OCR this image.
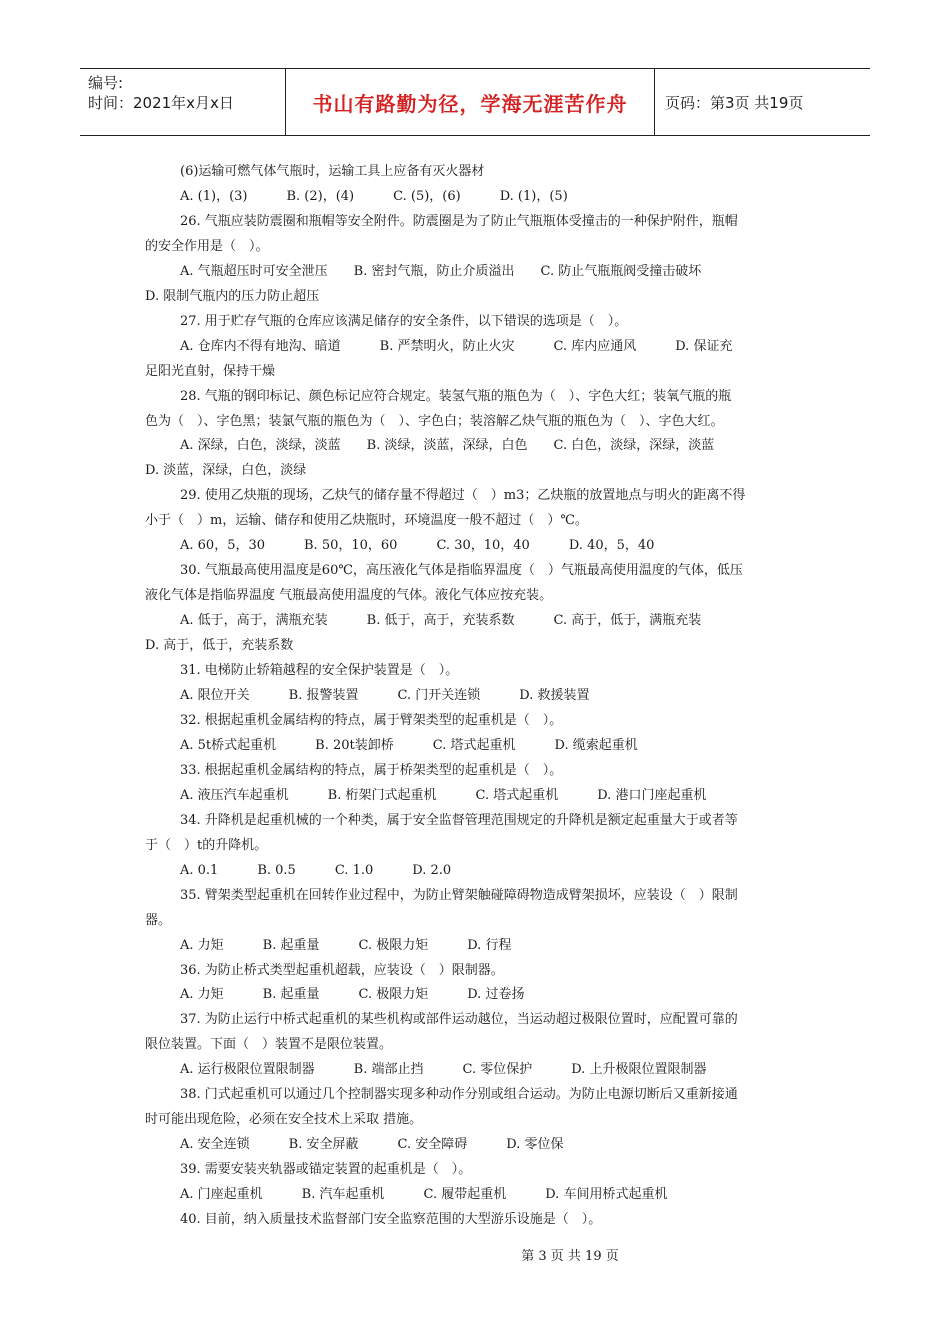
编号:
时间：2021年x月x日	书山有路勤为径，学海无涯苦作舟	页码：第3页 共19页
(6)运输可燃气体气瓶时，运输工具上应备有灭火器材
A. (1)，(3)　　　B. (2)，(4)　　　C. (5)，(6)　　　D. (1)，(5)
26. 气瓶应装防震圈和瓶帽等安全附件。防震圈是为了防止气瓶瓶体受撞击的一种保护附件，瓶帽
的安全作用是（　）。
A. 气瓶超压时可安全泄压　　B. 密封气瓶，防止介质溢出　　C. 防止气瓶瓶阀受撞击破坏
D. 限制气瓶内的压力防止超压
27. 用于贮存气瓶的仓库应该满足储存的安全条件，以下错误的选项是（　）。
A. 仓库内不得有地沟、暗道　　　B. 严禁明火，防止火灾　　　C. 库内应通风　　　D. 保证充
足阳光直射，保持干燥
28. 气瓶的钢印标记、颜色标记应符合规定。装氢气瓶的瓶色为（　）、字色大红；装氧气瓶的瓶
色为（　）、字色黑；装氯气瓶的瓶色为（　）、字色白；装溶解乙炔气瓶的瓶色为（　）、字色大红。
A. 深绿，白色，淡绿，淡蓝　　B. 淡绿，淡蓝，深绿，白色　　C. 白色，淡绿，深绿，淡蓝
D. 淡蓝，深绿，白色，淡绿
29. 使用乙炔瓶的现场，乙炔气的储存量不得超过（　）m3；乙炔瓶的放置地点与明火的距离不得
小于（　）m，运输、储存和使用乙炔瓶时，环境温度一般不超过（　）℃。
A. 60，5，30　　　B. 50，10，60　　　C. 30，10，40　　　D. 40，5，40
30. 气瓶最高使用温度是60℃，高压液化气体是指临界温度（　）气瓶最高使用温度的气体，低压
液化气体是指临界温度 气瓶最高使用温度的气体。液化气体应按充装。
A. 低于，高于，满瓶充装　　　B. 低于，高于，充装系数　　　C. 高于，低于，满瓶充装
D. 高于，低于，充装系数
31. 电梯防止轿箱越程的安全保护装置是（　）。
A. 限位开关　　　B. 报警装置　　　C. 门开关连锁　　　D. 救援装置
32. 根据起重机金属结构的特点，属于臂架类型的起重机是（　）。
A. 5t桥式起重机　　　B. 20t装卸桥　　　C. 塔式起重机　　　D. 缆索起重机
33. 根据起重机金属结构的特点，属于桥架类型的起重机是（　）。
A. 液压汽车起重机　　　B. 桁架门式起重机　　　C. 塔式起重机　　　D. 港口门座起重机
34. 升降机是起重机械的一个种类，属于安全监督管理范围规定的升降机是额定起重量大于或者等
于（　）t的升降机。
A. 0.1　　　B. 0.5　　　C. 1.0　　　D. 2.0
35. 臂架类型起重机在回转作业过程中，为防止臂架触碰障碍物造成臂架损坏，应装设（　）限制
器。
A. 力矩　　　B. 起重量　　　C. 极限力矩　　　D. 行程
36. 为防止桥式类型起重机超载，应装设（　）限制器。
A. 力矩　　　B. 起重量　　　C. 极限力矩　　　D. 过卷扬
37. 为防止运行中桥式起重机的某些机构或部件运动越位，当运动超过极限位置时，应配置可靠的
限位装置。下面（　）装置不是限位装置。
A. 运行极限位置限制器　　　B. 端部止挡　　　C. 零位保护　　　D. 上升极限位置限制器
38. 门式起重机可以通过几个控制器实现多种动作分别或组合运动。为防止电源切断后又重新接通
时可能出现危险，必须在安全技术上采取 措施。
A. 安全连锁　　　B. 安全屏蔽　　　C. 安全障碍　　　D. 零位保
39. 需要安装夹轨器或锚定装置的起重机是（　）。
A. 门座起重机　　　B. 汽车起重机　　　C. 履带起重机　　　D. 车间用桥式起重机
40. 目前，纳入质量技术监督部门安全监察范围的大型游乐设施是（　）。
第 3 页 共 19 页
